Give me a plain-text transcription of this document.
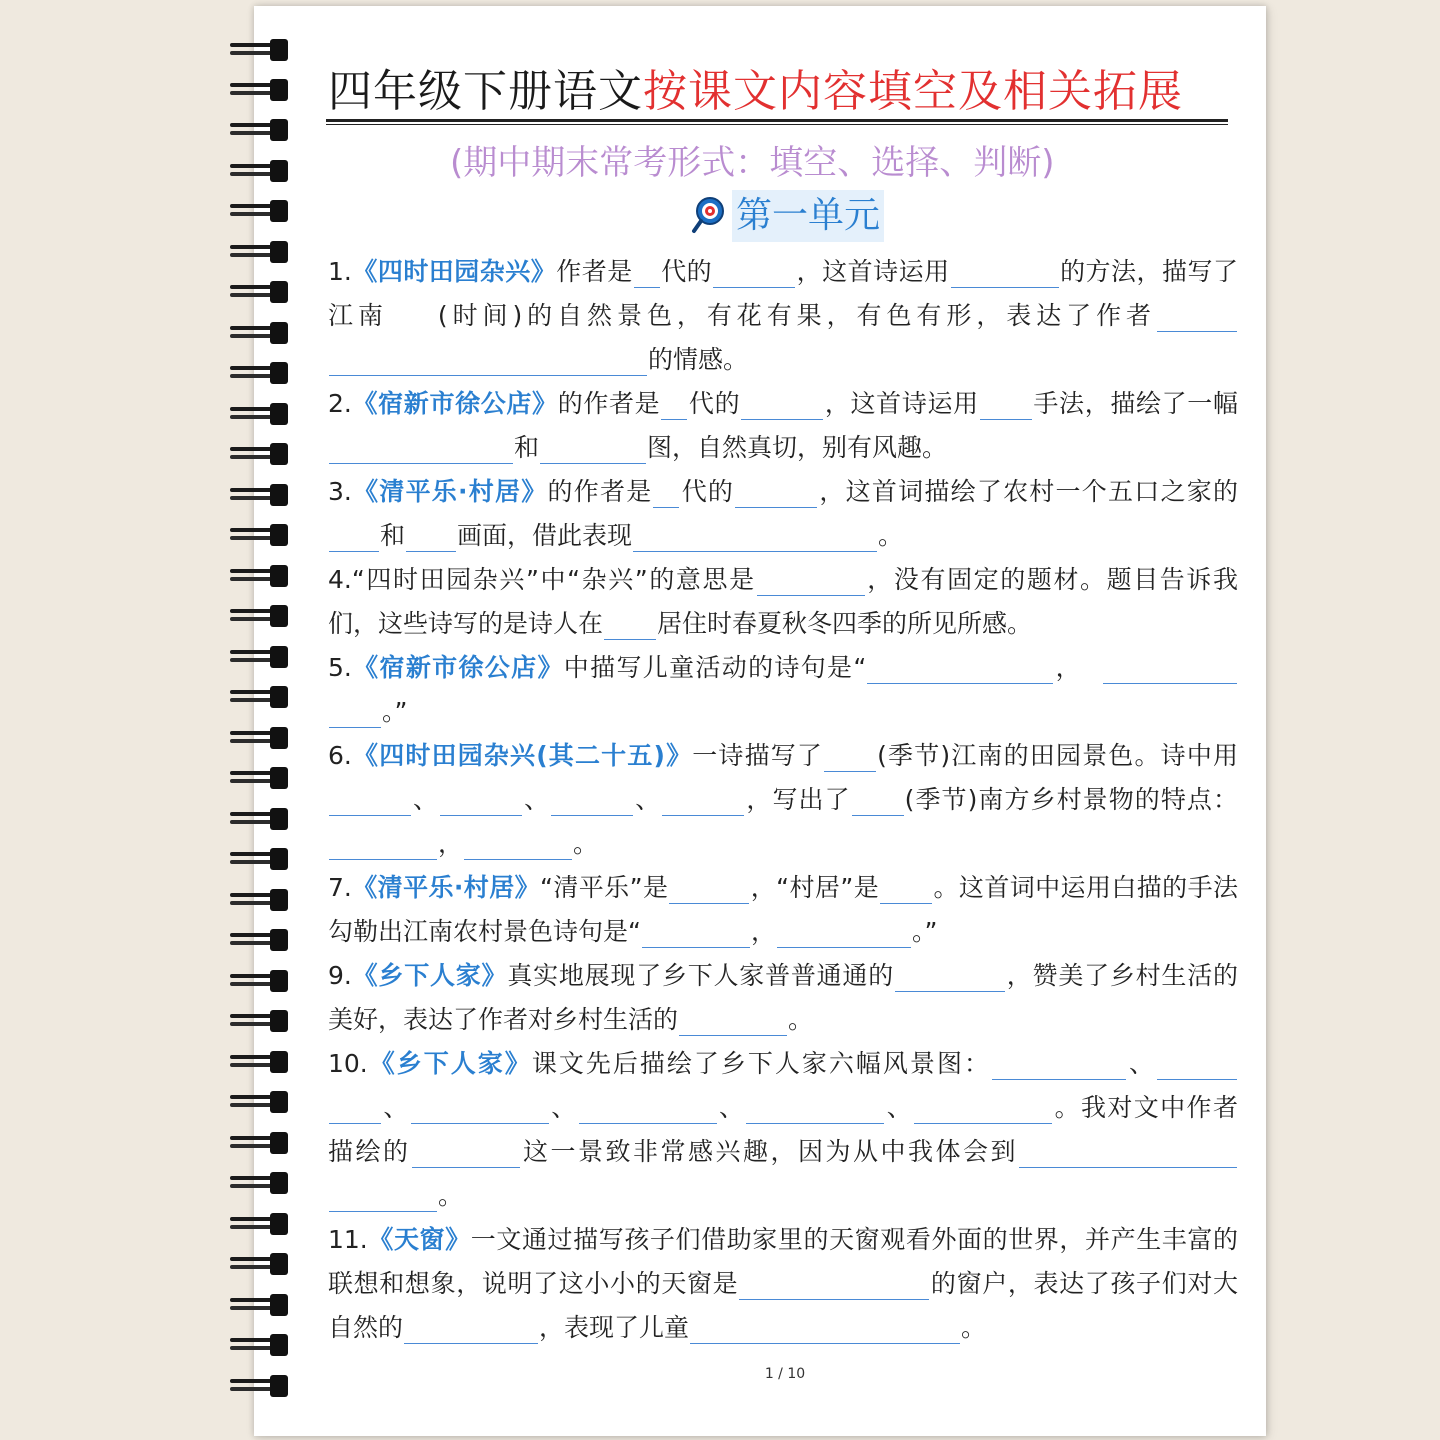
四年级下册语文按课文内容填空及相关拓展
(期中期末常考形式：填空、选择、判断)
第一单元
1.《四时田园杂兴》作者是 代的	，这首诗运用	的方法，描写了江南 (时间)的自然景色，有花有果，有色有形，表达了作者的情感。
2.《宿新市徐公店》的作者是 代的	，这首诗运用 手法，描绘了一幅和	图，自然真切，别有风趣。
3.《清平乐·村居》的作者是 代的	，这首词描绘了农村一个五口之家的和 画面，借此表现	。
4.“四时田园杂兴”中“杂兴”的意思是	，没有固定的题材。题目告诉我们，这些诗写的是诗人在 居住时春夏秋冬四季的所见所感。
5.《宿新市徐公店》中描写儿童活动的诗句是“	，。”
6.《四时田园杂兴(其二十五)》一诗描写了 (季节)江南的田园景色。诗中用、	、	、	，写出了 (季节)南方乡村景物的特点：，	。
7.《清平乐·村居》“清平乐”是	，“村居”是 。这首词中运用白描的手法勾勒出江南农村景色诗句是“	，	。”
9.《乡下人家》真实地展现了乡下人家普普通通的	，赞美了乡村生活的美好，表达了作者对乡村生活的	。
10.《乡下人家》课文先后描绘了乡下人家六幅风景图：	、、	、	、	、	。我对文中作者描绘的	这一景致非常感兴趣，因为从中我体会到。
11.《天窗》一文通过描写孩子们借助家里的天窗观看外面的世界，并产生丰富的联想和想象，说明了这小小的天窗是	的窗户，表达了孩子们对大自然的	，表现了儿童	。
1 / 10
